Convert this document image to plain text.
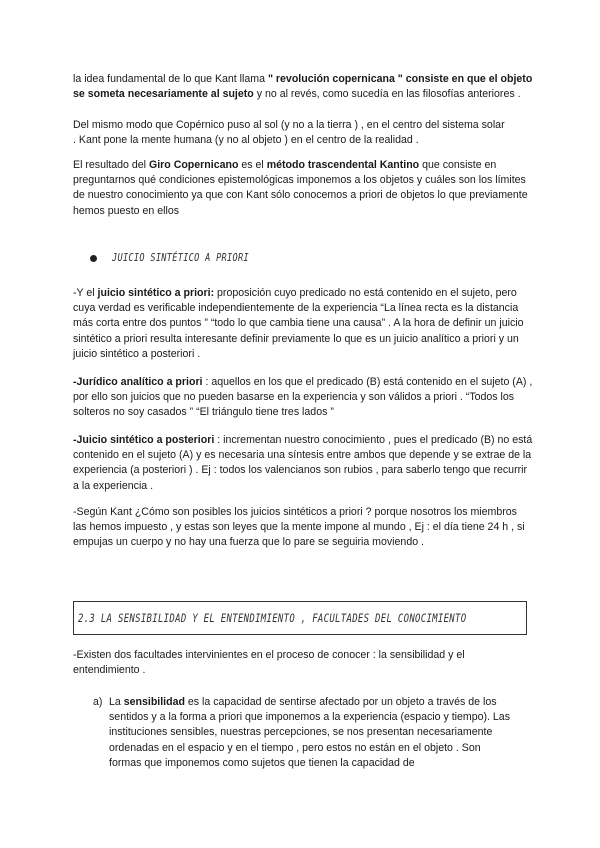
la idea fundamental de lo que Kant llama " revolución copernicana " consiste en que el objeto se someta necesariamente al sujeto y no al revés, como sucedía en las filosofías anteriores .

Del mismo modo que Copérnico puso al sol (y no a la tierra ) , en el centro del sistema solar
. Kant pone la mente humana (y no al objeto ) en el centro de la realidad .

El resultado del Giro Copernicano es el método trascendental Kantino que consiste en preguntarnos qué condiciones epistemológicas imponemos a los objetos y cuáles son los límites de nuestro conocimiento ya que con Kant sólo conocemos a priori de objetos lo que previamente hemos puesto en ellos

JUICIO SINTÉTICO A PRIORI

-Y el juicio sintético a priori: proposición cuyo predicado no está contenido en el sujeto, pero cuya verdad es verificable independientemente de la experiencia “La línea recta es la distancia más corta entre dos puntos ” “todo lo que cambia tiene una causa” . A la hora de definir un juicio sintético a priori resulta interesante definir previamente lo que es un juicio analítico a priori y un juicio sintético a posteriori .

-Jurídico analítico a priori : aquellos en los que el predicado (B) está contenido en el sujeto (A) , por ello son juicios que no pueden basarse en la experiencia y son válidos a priori . “Todos los solteros no soy casados ” “El triángulo tiene tres lados ”

-Juicio sintético a posteriori : incrementan nuestro conocimiento , pues el predicado (B) no está contenido en el sujeto (A) y es necesaria una síntesis entre ambos que depende y se extrae de la experiencia (a posteriori ) . Ej : todos los valencianos son rubios , para saberlo tengo que recurrir a la experiencia .

-Según Kant ¿Cómo son posibles los juicios sintéticos a priori ? porque nosotros los miembros las hemos impuesto , y estas son leyes que la mente impone al mundo , Ej : el día tiene 24 h , si empujas un cuerpo y no hay una fuerza que lo pare se seguiria moviendo .

2.3 LA SENSIBILIDAD Y EL ENTENDIMIENTO , FACULTADES DEL CONOCIMIENTO

-Existen dos facultades intervinientes en el proceso de conocer : la sensibilidad y el entendimiento .

a) La sensibilidad es la capacidad de sentirse afectado por un objeto a través de los sentidos y a la forma a priori que imponemos a la experiencia (espacio y tiempo). Las instituciones sensibles, nuestras percepciones, se nos presentan necesariamente ordenadas en el espacio y en el tiempo , pero estos no están en el objeto . Son formas que imponemos como sujetos que tienen la capacidad de
